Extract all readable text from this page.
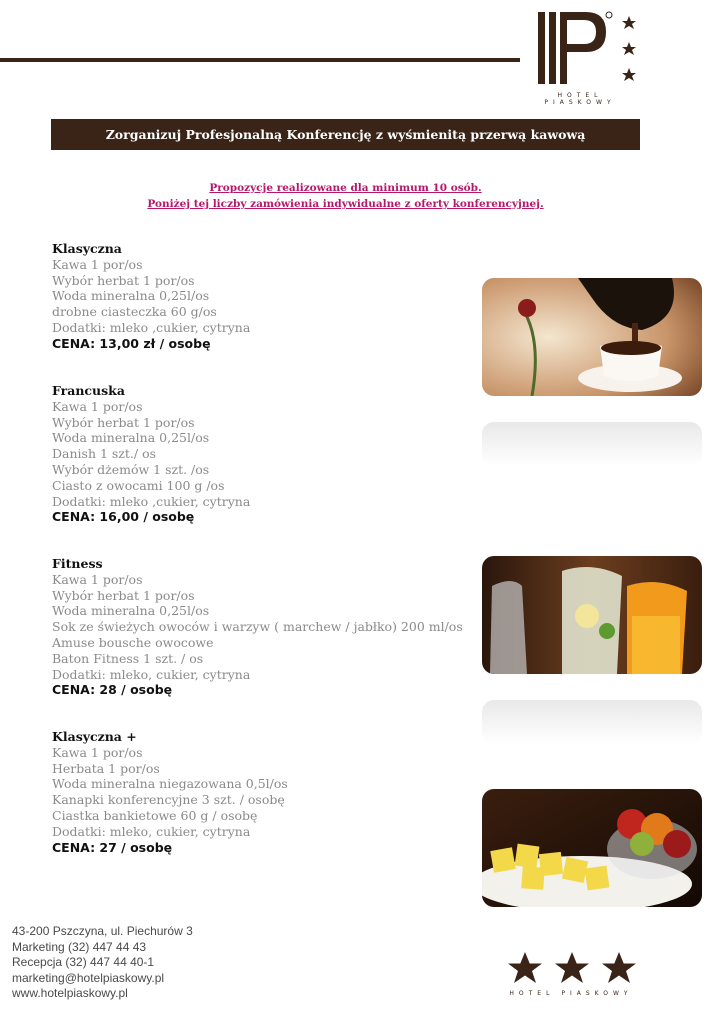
HOTEL PIASKOWY
Zorganizuj Profesjonalną Konferencję z wyśmienitą przerwą kawową
Propozycje realizowane dla minimum 10 osób.
Poniżej tej liczby zamówienia indywidualne z oferty konferencyjnej.
Klasyczna
Kawa 1 por/os
Wybór herbat 1 por/os
Woda mineralna 0,25l/os
drobne ciasteczka 60 g/os
Dodatki: mleko ,cukier, cytryna
CENA: 13,00 zł / osobę
Francuska
Kawa 1 por/os
Wybór herbat 1 por/os
Woda mineralna 0,25l/os
Danish 1 szt./ os
Wybór dżemów 1 szt. /os
Ciasto z owocami 100 g /os
Dodatki: mleko ,cukier, cytryna
CENA: 16,00 / osobę
Fitness
Kawa 1 por/os
Wybór herbat 1 por/os
Woda mineralna 0,25l/os
Sok ze świeżych owoców i warzyw ( marchew / jabłko) 200 ml/os
Amuse bousche owocowe
Baton Fitness 1 szt. / os
Dodatki: mleko, cukier, cytryna
CENA: 28 / osobę
Klasyczna +
Kawa 1 por/os
Herbata 1 por/os
Woda mineralna niegazowana 0,5l/os
Kanapki konferencyjne 3 szt. / osobę
Ciastka bankietowe 60 g / osobę
Dodatki: mleko, cukier, cytryna
CENA: 27 / osobę
43-200 Pszczyna, ul. Piechurów 3
Marketing (32) 447 44 43
Recepcja (32) 447 44 40-1
marketing@hotelpiaskowy.pl
www.hotelpiaskowy.pl	HOTEL PIASKOWY
